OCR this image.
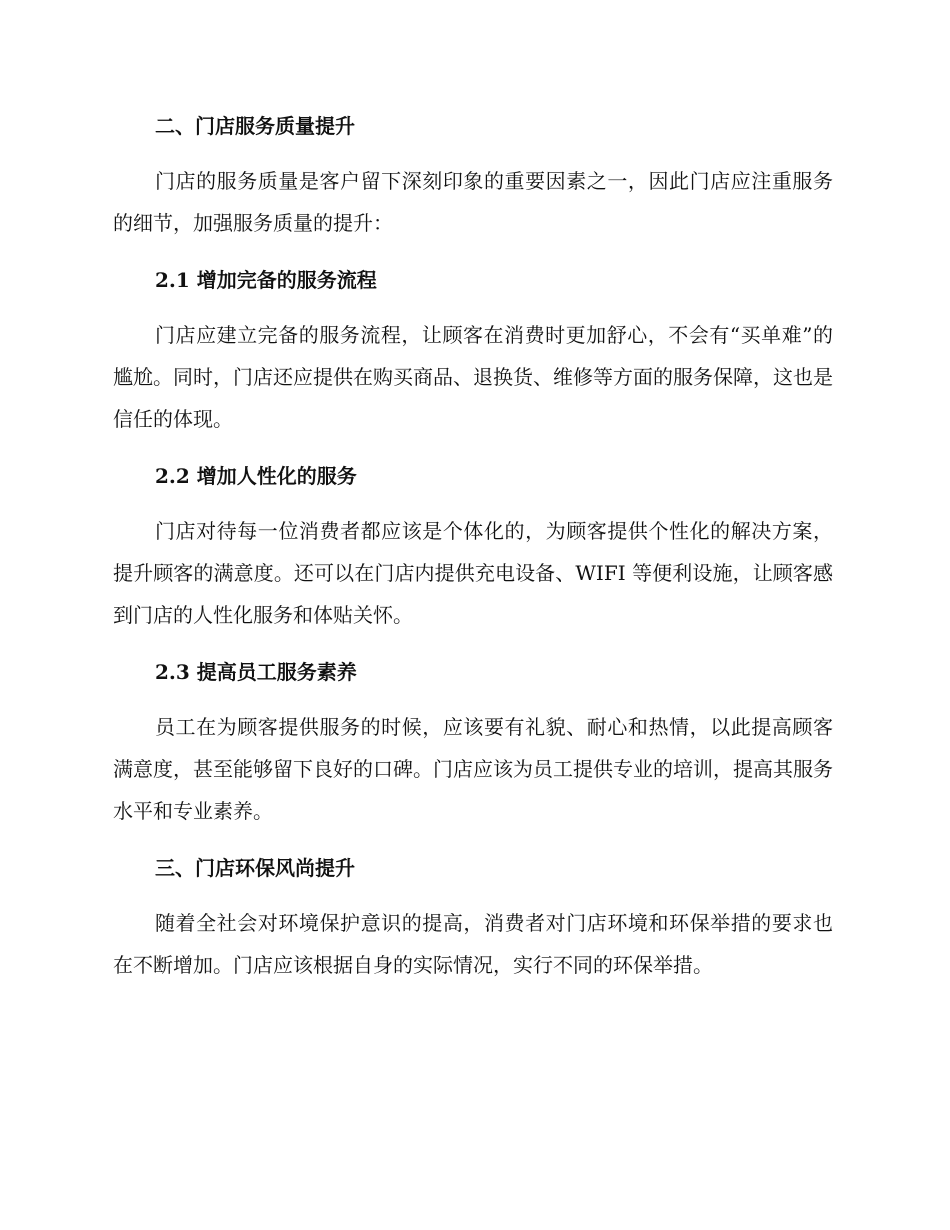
二、门店服务质量提升

门店的服务质量是客户留下深刻印象的重要因素之一，因此门店应注重服务的细节，加强服务质量的提升：

2.1 增加完备的服务流程

门店应建立完备的服务流程，让顾客在消费时更加舒心，不会有“买单难”的尴尬。同时，门店还应提供在购买商品、退换货、维修等方面的服务保障，这也是信任的体现。

2.2 增加人性化的服务

门店对待每一位消费者都应该是个体化的，为顾客提供个性化的解决方案，提升顾客的满意度。还可以在门店内提供充电设备、WIFI 等便利设施，让顾客感到门店的人性化服务和体贴关怀。

2.3 提高员工服务素养

员工在为顾客提供服务的时候，应该要有礼貌、耐心和热情，以此提高顾客满意度，甚至能够留下良好的口碑。门店应该为员工提供专业的培训，提高其服务水平和专业素养。

三、门店环保风尚提升

随着全社会对环境保护意识的提高，消费者对门店环境和环保举措的要求也在不断增加。门店应该根据自身的实际情况，实行不同的环保举措。
